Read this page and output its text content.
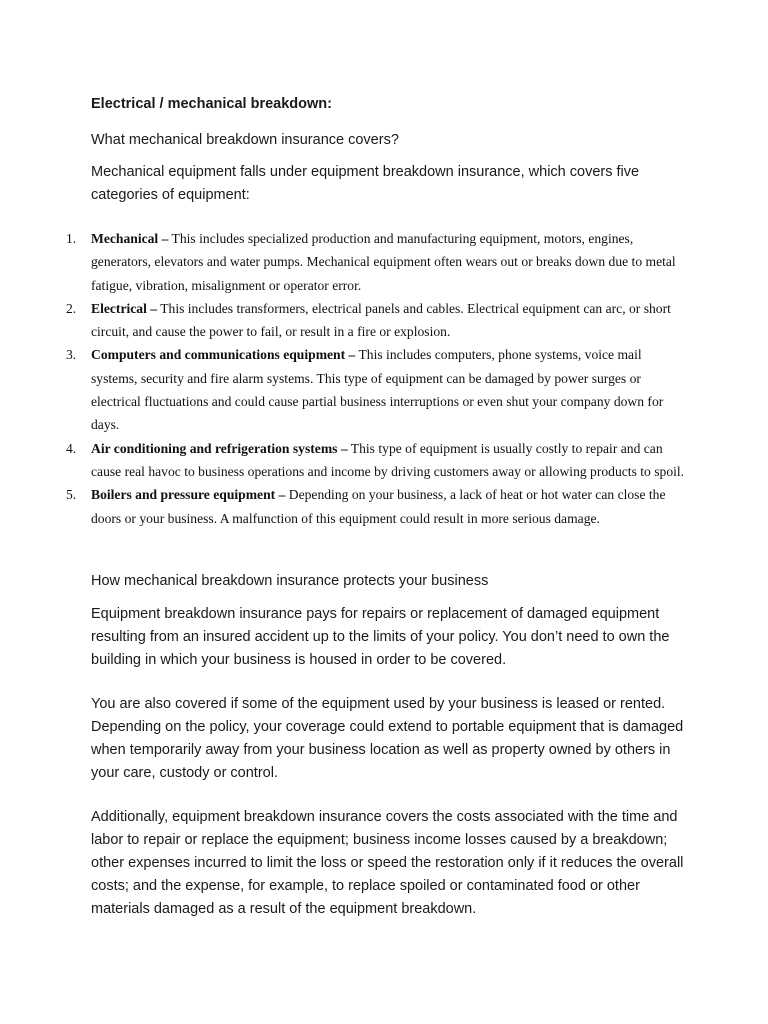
Electrical / mechanical breakdown:

What mechanical breakdown insurance covers?

Mechanical equipment falls under equipment breakdown insurance, which covers five categories of equipment:

1. Mechanical – This includes specialized production and manufacturing equipment, motors, engines, generators, elevators and water pumps. Mechanical equipment often wears out or breaks down due to metal fatigue, vibration, misalignment or operator error.
2. Electrical – This includes transformers, electrical panels and cables. Electrical equipment can arc, or short circuit, and cause the power to fail, or result in a fire or explosion.
3. Computers and communications equipment – This includes computers, phone systems, voice mail systems, security and fire alarm systems. This type of equipment can be damaged by power surges or electrical fluctuations and could cause partial business interruptions or even shut your company down for days.
4. Air conditioning and refrigeration systems – This type of equipment is usually costly to repair and can cause real havoc to business operations and income by driving customers away or allowing products to spoil.
5. Boilers and pressure equipment – Depending on your business, a lack of heat or hot water can close the doors or your business. A malfunction of this equipment could result in more serious damage.

How mechanical breakdown insurance protects your business

Equipment breakdown insurance pays for repairs or replacement of damaged equipment resulting from an insured accident up to the limits of your policy. You don’t need to own the building in which your business is housed in order to be covered.

You are also covered if some of the equipment used by your business is leased or rented. Depending on the policy, your coverage could extend to portable equipment that is damaged when temporarily away from your business location as well as property owned by others in your care, custody or control.

Additionally, equipment breakdown insurance covers the costs associated with the time and labor to repair or replace the equipment; business income losses caused by a breakdown; other expenses incurred to limit the loss or speed the restoration only if it reduces the overall costs; and the expense, for example, to replace spoiled or contaminated food or other materials damaged as a result of the equipment breakdown.
